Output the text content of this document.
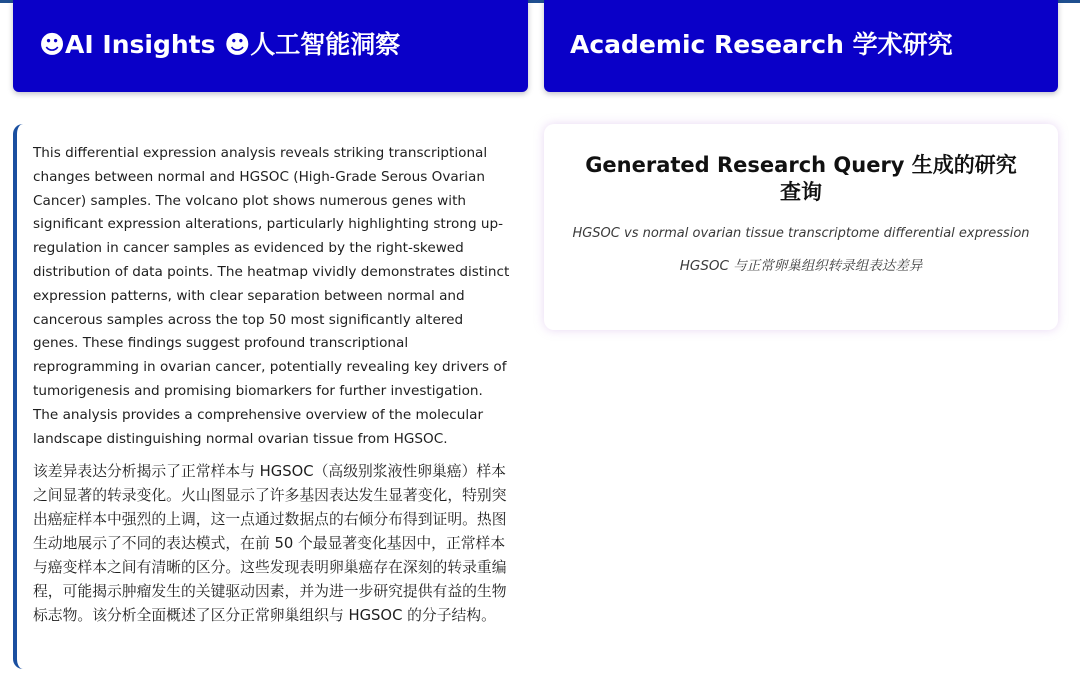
☻AI Insights ☻人工智能洞察	Academic Research 学术研究

This differential expression analysis reveals striking transcriptional changes between normal and HGSOC (High-Grade Serous Ovarian Cancer) samples. The volcano plot shows numerous genes with significant expression alterations, particularly highlighting strong up-regulation in cancer samples as evidenced by the right-skewed distribution of data points. The heatmap vividly demonstrates distinct expression patterns, with clear separation between normal and cancerous samples across the top 50 most significantly altered genes. These findings suggest profound transcriptional reprogramming in ovarian cancer, potentially revealing key drivers of tumorigenesis and promising biomarkers for further investigation. The analysis provides a comprehensive overview of the molecular landscape distinguishing normal ovarian tissue from HGSOC.

该差异表达分析揭示了正常样本与 HGSOC（高级别浆液性卵巢癌）样本之间显著的转录变化。火山图显示了许多基因表达发生显著变化，特别突出癌症样本中强烈的上调，这一点通过数据点的右倾分布得到证明。热图生动地展示了不同的表达模式，在前 50 个最显著变化基因中，正常样本与癌变样本之间有清晰的区分。这些发现表明卵巢癌存在深刻的转录重编程，可能揭示肿瘤发生的关键驱动因素，并为进一步研究提供有益的生物标志物。该分析全面概述了区分正常卵巢组织与 HGSOC 的分子结构。

Generated Research Query 生成的研究查询
HGSOC vs normal ovarian tissue transcriptome differential expression
HGSOC 与正常卵巢组织转录组表达差异
